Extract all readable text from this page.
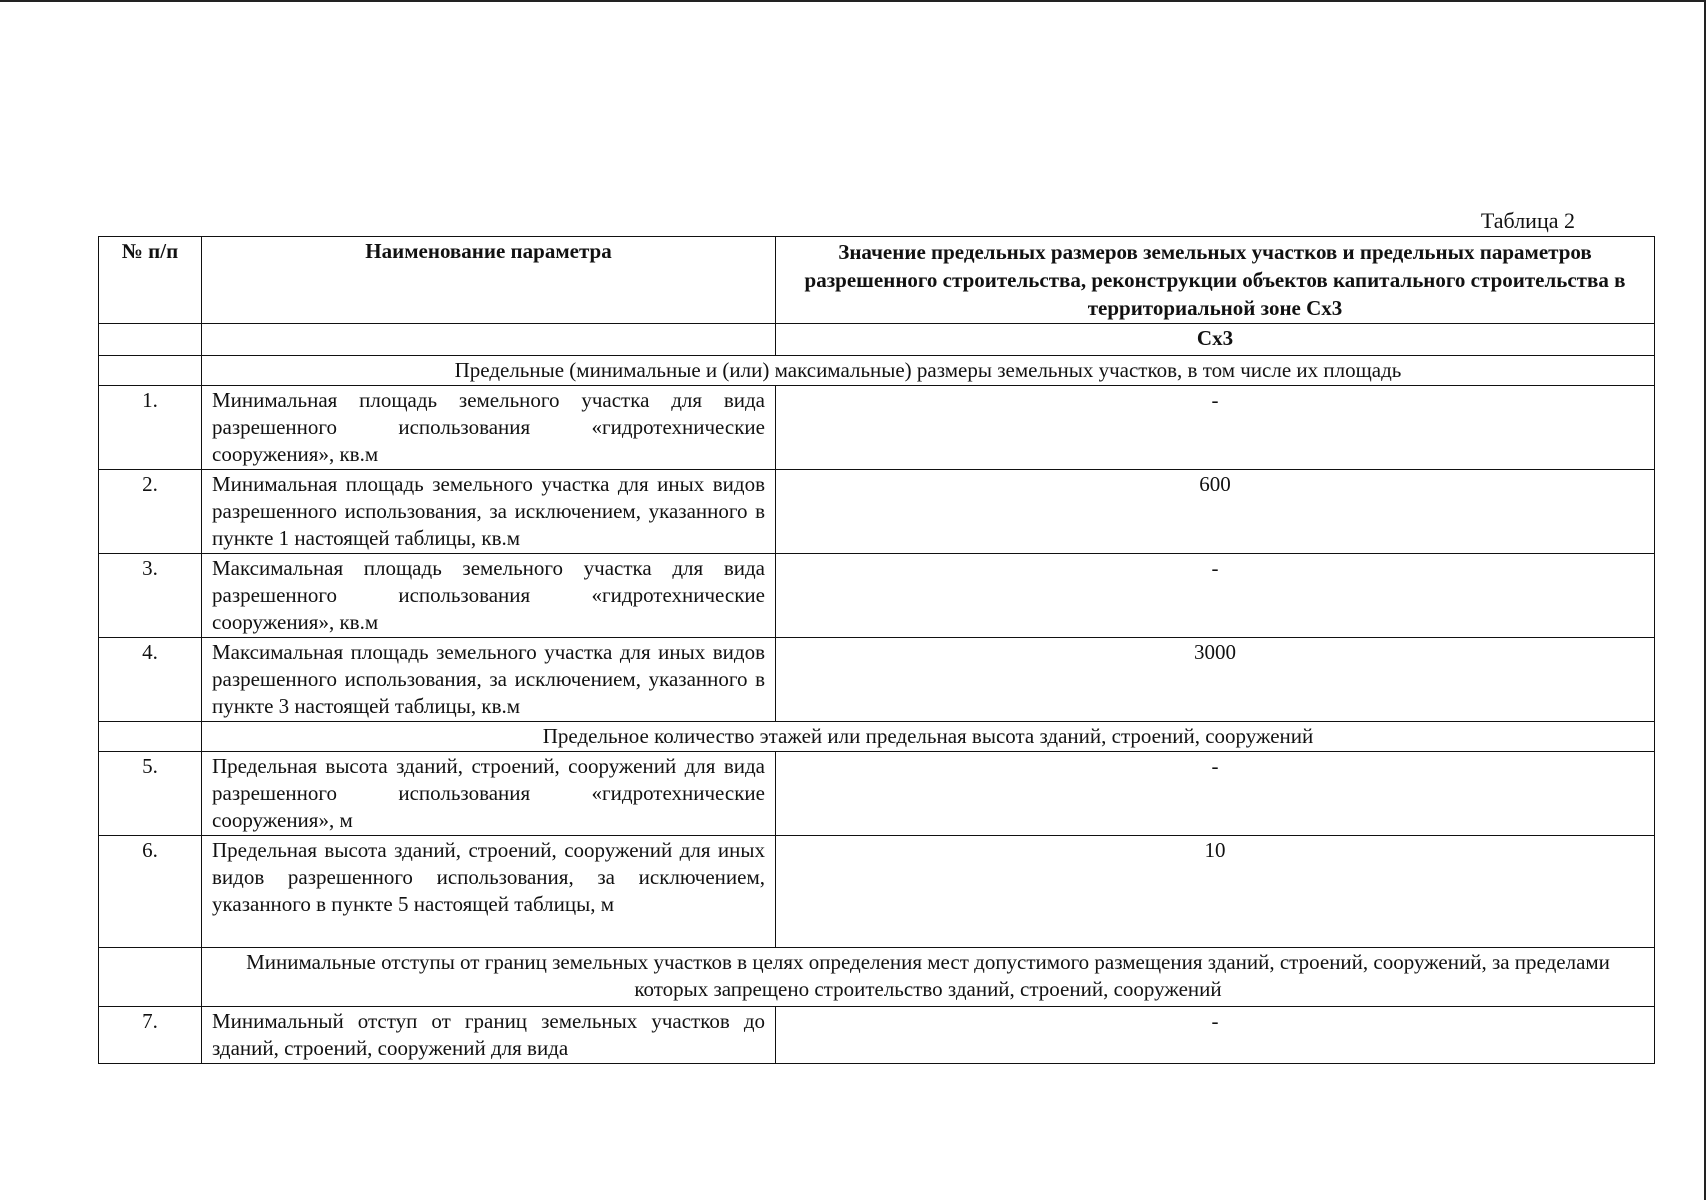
Таблица 2
№ п/п	Наименование параметра	Значение предельных размеров земельных участков и предельных параметров разрешенного строительства, реконструкции объектов капитального строительства в территориальной зоне Сх3
		Сх3
	Предельные (минимальные и (или) максимальные) размеры земельных участков, в том числе их площадь	
1.	Минимальная площадь земельного участка для вида разрешенного использования «гидротехнические сооружения», кв.м	-
2.	Минимальная площадь земельного участка для иных видов разрешенного использования, за исключением, указанного в пункте 1 настоящей таблицы, кв.м	600
3.	Максимальная площадь земельного участка для вида разрешенного использования «гидротехнические сооружения», кв.м	-
4.	Максимальная площадь земельного участка для иных видов разрешенного использования, за исключением, указанного в пункте 3 настоящей таблицы, кв.м	3000
	Предельное количество этажей или предельная высота зданий, строений, сооружений	
5.	Предельная высота зданий, строений, сооружений для вида разрешенного использования «гидротехнические сооружения», м	-
6.	Предельная высота зданий, строений, сооружений для иных видов разрешенного использования, за исключением, указанного в пункте 5 настоящей таблицы, м	10
	Минимальные отступы от границ земельных участков в целях определения мест допустимого размещения зданий, строений, сооружений, за пределами которых запрещено строительство зданий, строений, сооружений	
7.	Минимальный отступ от границ земельных участков до зданий, строений, сооружений для вида	-
